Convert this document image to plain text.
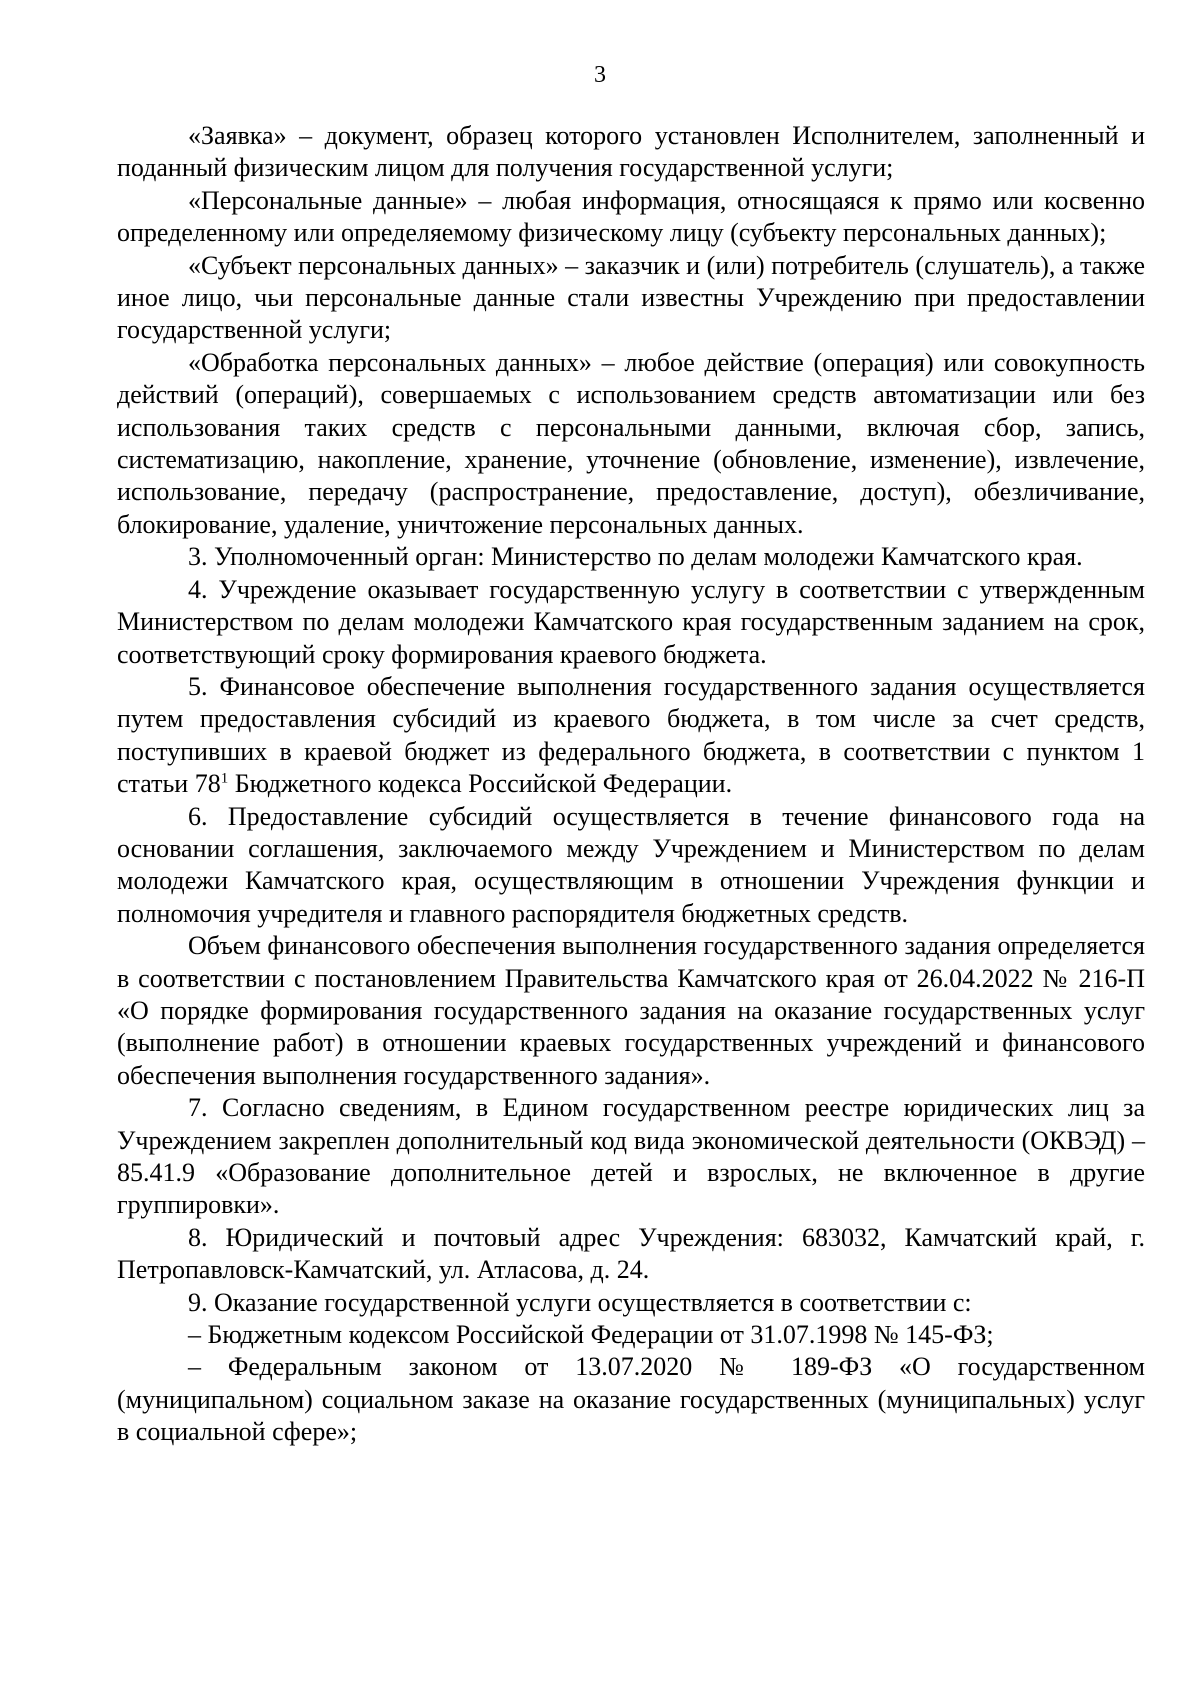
3

«Заявка» – документ, образец которого установлен Исполнителем, заполненный и поданный физическим лицом для получения государственной услуги;

«Персональные данные» – любая информация, относящаяся к прямо или косвенно определенному или определяемому физическому лицу (субъекту персональных данных);

«Субъект персональных данных» – заказчик и (или) потребитель (слушатель), а также иное лицо, чьи персональные данные стали известны Учреждению при предоставлении государственной услуги;

«Обработка персональных данных» – любое действие (операция) или совокупность действий (операций), совершаемых с использованием средств автоматизации или без использования таких средств с персональными данными, включая сбор, запись, систематизацию, накопление, хранение, уточнение (обновление, изменение), извлечение, использование, передачу (распространение, предоставление, доступ), обезличивание, блокирование, удаление, уничтожение персональных данных.

3. Уполномоченный орган: Министерство по делам молодежи Камчатского края.

4. Учреждение оказывает государственную услугу в соответствии с утвержденным Министерством по делам молодежи Камчатского края государственным заданием на срок, соответствующий сроку формирования краевого бюджета.

5. Финансовое обеспечение выполнения государственного задания осуществляется путем предоставления субсидий из краевого бюджета, в том числе за счет средств, поступивших в краевой бюджет из федерального бюджета, в соответствии с пунктом 1 статьи $78^1$ Бюджетного кодекса Российской Федерации.

6. Предоставление субсидий осуществляется в течение финансового года на основании соглашения, заключаемого между Учреждением и Министерством по делам молодежи Камчатского края, осуществляющим в отношении Учреждения функции и полномочия учредителя и главного распорядителя бюджетных средств.

Объем финансового обеспечения выполнения государственного задания определяется в соответствии с постановлением Правительства Камчатского края от 26.04.2022 № 216-П «О порядке формирования государственного задания на оказание государственных услуг (выполнение работ) в отношении краевых государственных учреждений и финансового обеспечения выполнения государственного задания».

7. Согласно сведениям, в Едином государственном реестре юридических лиц за Учреждением закреплен дополнительный код вида экономической деятельности (ОКВЭД) – 85.41.9 «Образование дополнительное детей и взрослых, не включенное в другие группировки».

8. Юридический и почтовый адрес Учреждения: 683032, Камчатский край, г. Петропавловск-Камчатский, ул. Атласова, д. 24.

9. Оказание государственной услуги осуществляется в соответствии с:

– Бюджетным кодексом Российской Федерации от 31.07.1998 № 145-ФЗ;

– Федеральным законом от 13.07.2020 № 189-ФЗ «О государственном (муниципальном) социальном заказе на оказание государственных (муниципальных) услуг в социальной сфере»;
